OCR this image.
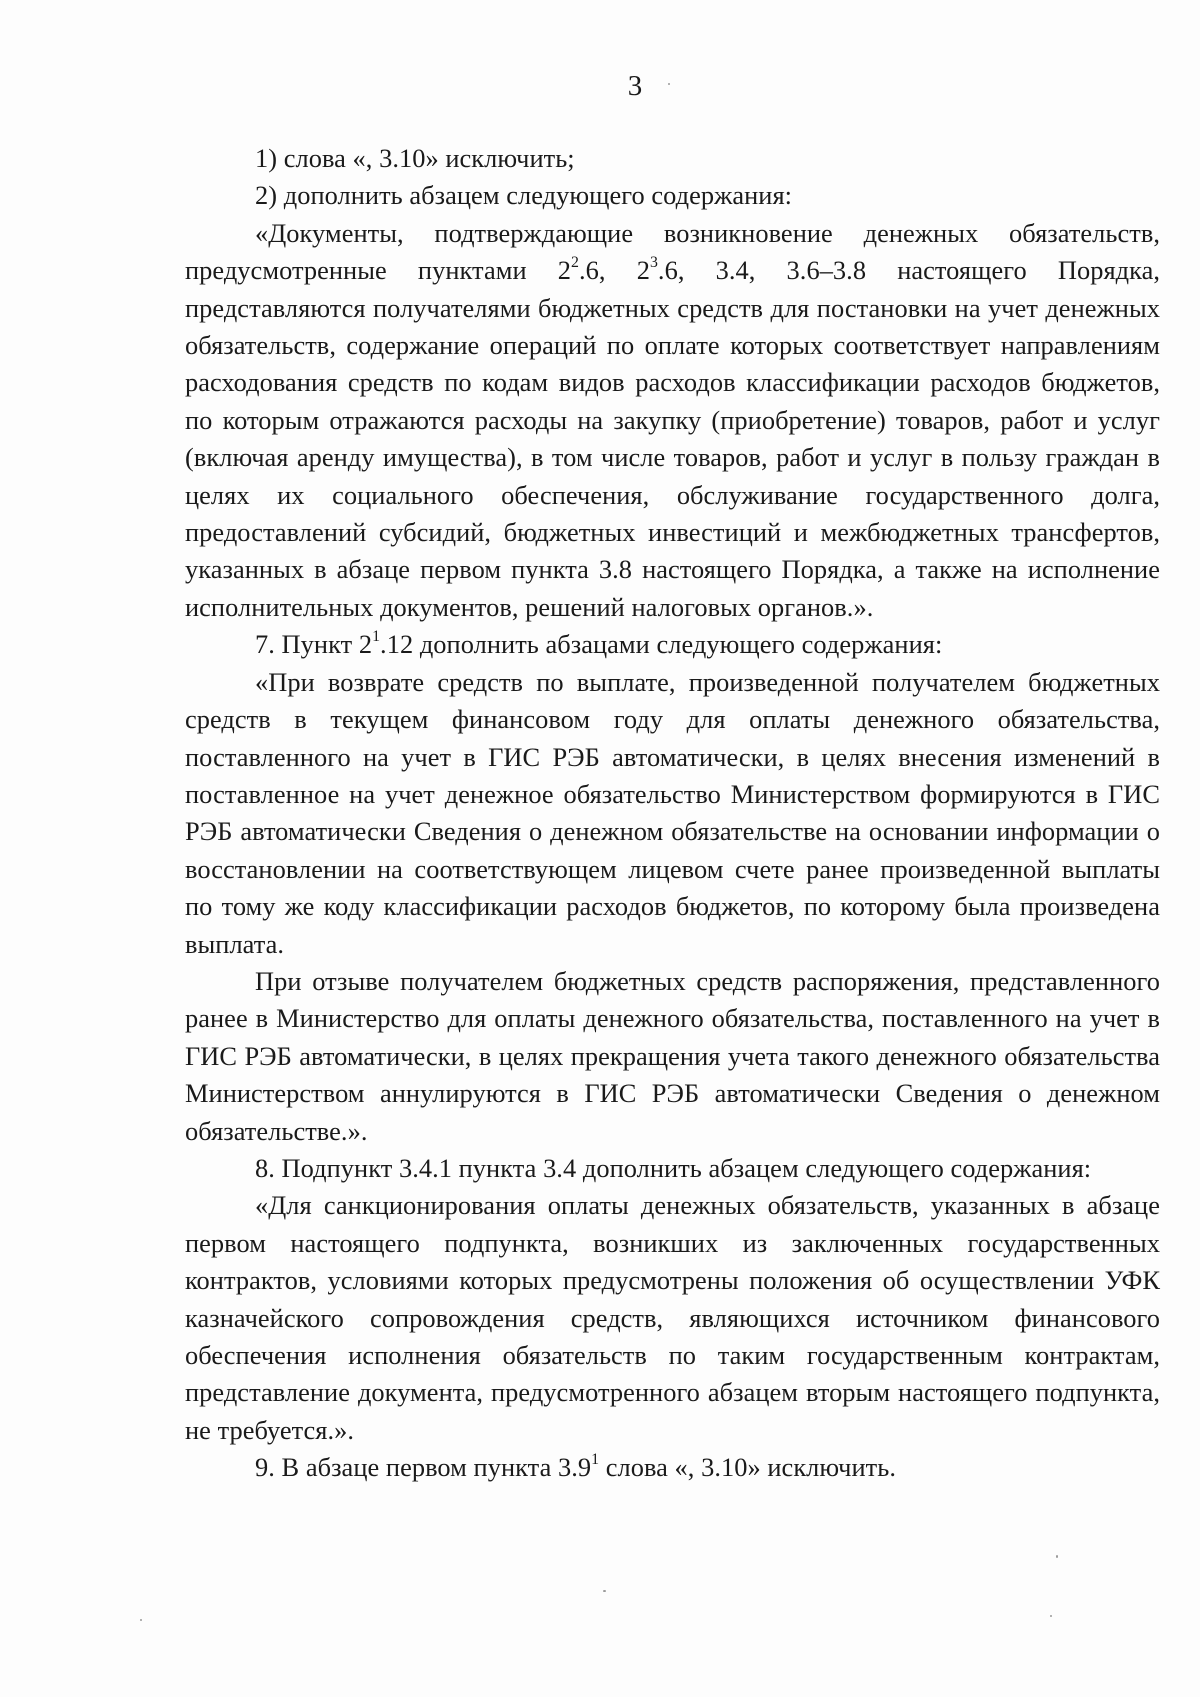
3

1) слова «, 3.10» исключить;

2) дополнить абзацем следующего содержания:

«Документы, подтверждающие возникновение денежных обязательств, предусмотренные пунктами $2^2.6$, $2^3.6$, 3.4, 3.6–3.8 настоящего Порядка, представляются получателями бюджетных средств для постановки на учет денежных обязательств, содержание операций по оплате которых соответствует направлениям расходования средств по кодам видов расходов классификации расходов бюджетов, по которым отражаются расходы на закупку (приобретение) товаров, работ и услуг (включая аренду имущества), в том числе товаров, работ и услуг в пользу граждан в целях их социального обеспечения, обслуживание государственного долга, предоставлений субсидий, бюджетных инвестиций и межбюджетных трансфертов, указанных в абзаце первом пункта 3.8 настоящего Порядка, а также на исполнение исполнительных документов, решений налоговых органов.».

7. Пункт $2^1.12$ дополнить абзацами следующего содержания:

«При возврате средств по выплате, произведенной получателем бюджетных средств в текущем финансовом году для оплаты денежного обязательства, поставленного на учет в ГИС РЭБ автоматически, в целях внесения изменений в поставленное на учет денежное обязательство Министерством формируются в ГИС РЭБ автоматически Сведения о денежном обязательстве на основании информации о восстановлении на соответствующем лицевом счете ранее произведенной выплаты по тому же коду классификации расходов бюджетов, по которому была произведена выплата.

При отзыве получателем бюджетных средств распоряжения, представленного ранее в Министерство для оплаты денежного обязательства, поставленного на учет в ГИС РЭБ автоматически, в целях прекращения учета такого денежного обязательства Министерством аннулируются в ГИС РЭБ автоматически Сведения о денежном обязательстве.».

8. Подпункт 3.4.1 пункта 3.4 дополнить абзацем следующего содержания:

«Для санкционирования оплаты денежных обязательств, указанных в абзаце первом настоящего подпункта, возникших из заключенных государственных контрактов, условиями которых предусмотрены положения об осуществлении УФК казначейского сопровождения средств, являющихся источником финансового обеспечения исполнения обязательств по таким государственным контрактам, представление документа, предусмотренного абзацем вторым настоящего подпункта, не требуется.».

9. В абзаце первом пункта $3.9^1$ слова «, 3.10» исключить.
